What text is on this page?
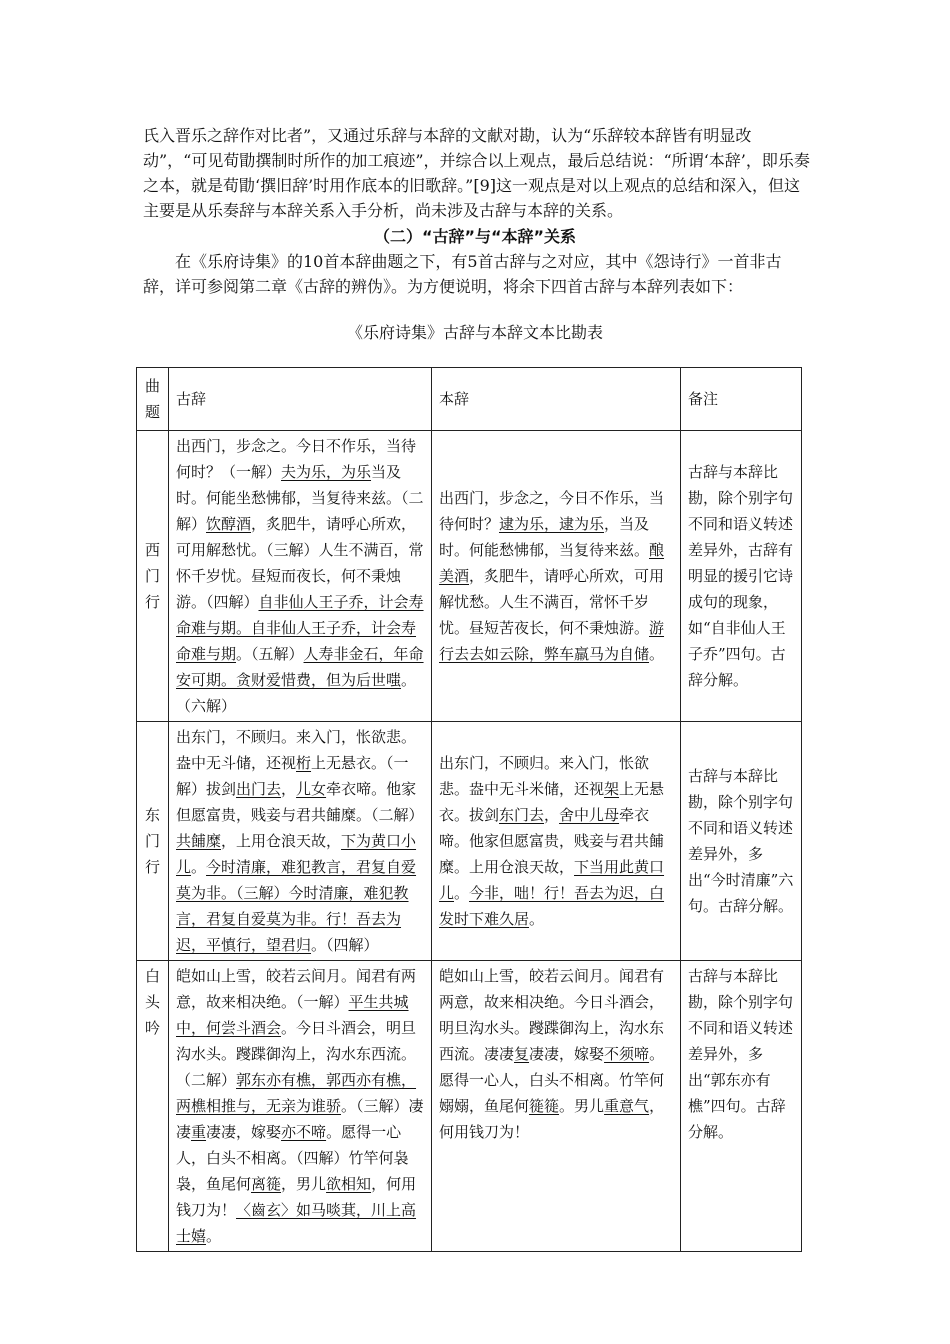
氏入晋乐之辞作对比者”，又通过乐辞与本辞的文献对勘，认为“乐辞较本辞皆有明显改动”，“可见荀勖撰制时所作的加工痕迹”，并综合以上观点，最后总结说：“所谓‘本辞’，即乐奏之本，就是荀勖‘撰旧辞’时用作底本的旧歌辞。”[9]这一观点是对以上观点的总结和深入，但这主要是从乐奏辞与本辞关系入手分析，尚未涉及古辞与本辞的关系。
（二）“古辞”与“本辞”关系
在《乐府诗集》的10首本辞曲题之下，有5首古辞与之对应，其中《怨诗行》一首非古辞，详可参阅第二章《古辞的辨伪》。为方便说明，将余下四首古辞与本辞列表如下：
《乐府诗集》古辞与本辞文本比勘表
曲题	古辞	本辞	备注
西门行	出西门，步念之。今日不作乐，当待何时？（一解）夫为乐，为乐当及时。何能坐愁怫郁，当复待来兹。（二解）饮醇酒，炙肥牛，请呼心所欢，可用解愁忧。（三解）人生不满百，常怀千岁忧。昼短而夜长，何不秉烛游。（四解）自非仙人王子乔，计会寿命难与期。自非仙人王子乔，计会寿命难与期。（五解）人寿非金石，年命安可期。贪财爱惜费，但为后世嗤。（六解）	出西门，步念之，今日不作乐，当待何时？逮为乐，逮为乐，当及时。何能愁怫郁，当复待来兹。酿美酒，炙肥牛，请呼心所欢，可用解忧愁。人生不满百，常怀千岁忧。昼短苦夜长，何不秉烛游。游行去去如云除，弊车羸马为自储。	古辞与本辞比勘，除个别字句不同和语义转述差异外，古辞有明显的援引它诗成句的现象，如“自非仙人王子乔”四句。古辞分解。
东门行	出东门，不顾归。来入门，怅欲悲。盎中无斗储，还视桁上无悬衣。（一解）拔剑出门去，儿女牵衣啼。他家但愿富贵，贱妾与君共餔糜。（二解）共餔糜，上用仓浪天故，下为黄口小儿。今时清廉，难犯教言，君复自爱莫为非。（三解）今时清廉，难犯教言，君复自爱莫为非。行！吾去为迟，平慎行，望君归。（四解）	出东门，不顾归。来入门，怅欲悲。盎中无斗米储，还视架上无悬衣。拔剑东门去，舍中儿母牵衣啼。他家但愿富贵，贱妾与君共餔糜。上用仓浪天故，下当用此黄口儿。今非，咄！行！吾去为迟，白发时下难久居。	古辞与本辞比勘，除个别字句不同和语义转述差异外，多出“今时清廉”六句。古辞分解。
白头吟	皑如山上雪，皎若云间月。闻君有两意，故来相决绝。（一解）平生共城中，何尝斗酒会。今日斗酒会，明旦沟水头。躞蹀御沟上，沟水东西流。（二解）郭东亦有樵，郭西亦有樵，两樵相推与，无亲为谁骄。（三解）凄凄重凄凄，嫁娶亦不啼。愿得一心人，白头不相离。（四解）竹竿何袅袅，鱼尾何离簁，男儿欲相知，何用钱刀为！〈齒玄〉如马啖萁，川上高士嬉。	皑如山上雪，皎若云间月。闻君有两意，故来相决绝。今日斗酒会，明旦沟水头。躞蹀御沟上，沟水东西流。凄凄复凄凄，嫁娶不须啼。愿得一心人，白头不相离。竹竿何嫋嫋，鱼尾何簁簁。男儿重意气，何用钱刀为！	古辞与本辞比勘，除个别字句不同和语义转述差异外，多出“郭东亦有樵”四句。古辞分解。
